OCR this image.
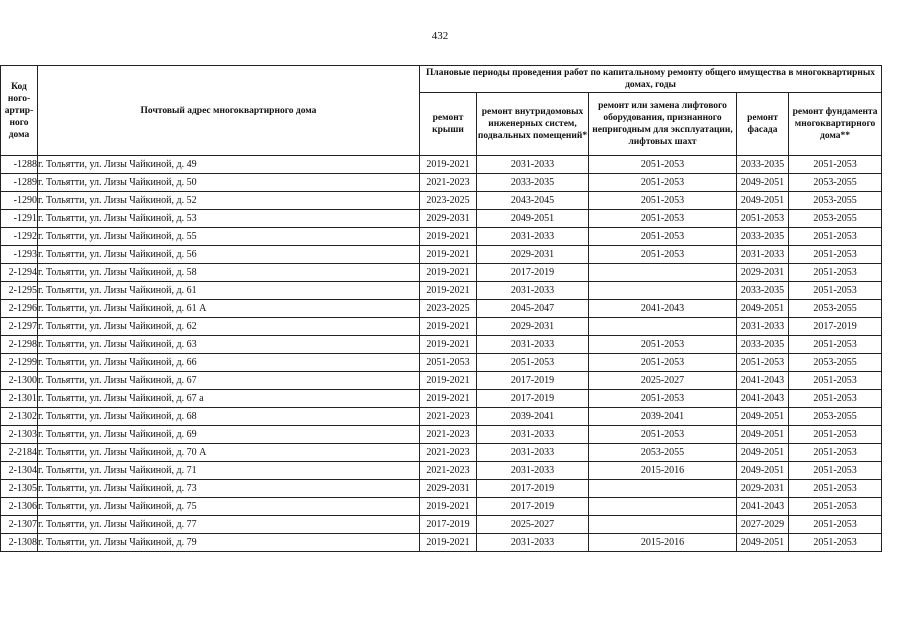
432
Код ного-артир-ного дома	Почтовый адрес многоквартирного дома	Плановые периоды проведения работ по капитальному ремонту общего имущества в многоквартирных домах, годы				
		ремонт крыши	ремонт внутридомовых инженерных систем, подвальных помещений*	ремонт или замена лифтового оборудования, признанного непригодным для эксплуатации, лифтовых шахт	ремонт фасада	ремонт фундамента многоквартирного дома**
-1288	г. Тольятти, ул. Лизы Чайкиной, д. 49	2019-2021	2031-2033	2051-2053	2033-2035	2051-2053
-1289	г. Тольятти, ул. Лизы Чайкиной, д. 50	2021-2023	2033-2035	2051-2053	2049-2051	2053-2055
-1290	г. Тольятти, ул. Лизы Чайкиной, д. 52	2023-2025	2043-2045	2051-2053	2049-2051	2053-2055
-1291	г. Тольятти, ул. Лизы Чайкиной, д. 53	2029-2031	2049-2051	2051-2053	2051-2053	2053-2055
-1292	г. Тольятти, ул. Лизы Чайкиной, д. 55	2019-2021	2031-2033	2051-2053	2033-2035	2051-2053
-1293	г. Тольятти, ул. Лизы Чайкиной, д. 56	2019-2021	2029-2031	2051-2053	2031-2033	2051-2053
2-1294	г. Тольятти, ул. Лизы Чайкиной, д. 58	2019-2021	2017-2019		2029-2031	2051-2053
2-1295	г. Тольятти, ул. Лизы Чайкиной, д. 61	2019-2021	2031-2033		2033-2035	2051-2053
2-1296	г. Тольятти, ул. Лизы Чайкиной, д. 61 А	2023-2025	2045-2047	2041-2043	2049-2051	2053-2055
2-1297	г. Тольятти, ул. Лизы Чайкиной, д. 62	2019-2021	2029-2031		2031-2033	2017-2019
2-1298	г. Тольятти, ул. Лизы Чайкиной, д. 63	2019-2021	2031-2033	2051-2053	2033-2035	2051-2053
2-1299	г. Тольятти, ул. Лизы Чайкиной, д. 66	2051-2053	2051-2053	2051-2053	2051-2053	2053-2055
2-1300	г. Тольятти, ул. Лизы Чайкиной, д. 67	2019-2021	2017-2019	2025-2027	2041-2043	2051-2053
2-1301	г. Тольятти, ул. Лизы Чайкиной, д. 67 а	2019-2021	2017-2019	2051-2053	2041-2043	2051-2053
2-1302	г. Тольятти, ул. Лизы Чайкиной, д. 68	2021-2023	2039-2041	2039-2041	2049-2051	2053-2055
2-1303	г. Тольятти, ул. Лизы Чайкиной, д. 69	2021-2023	2031-2033	2051-2053	2049-2051	2051-2053
2-2184	г. Тольятти, ул. Лизы Чайкиной, д. 70 А	2021-2023	2031-2033	2053-2055	2049-2051	2051-2053
2-1304	г. Тольятти, ул. Лизы Чайкиной, д. 71	2021-2023	2031-2033	2015-2016	2049-2051	2051-2053
2-1305	г. Тольятти, ул. Лизы Чайкиной, д. 73	2029-2031	2017-2019		2029-2031	2051-2053
2-1306	г. Тольятти, ул. Лизы Чайкиной, д. 75	2019-2021	2017-2019		2041-2043	2051-2053
2-1307	г. Тольятти, ул. Лизы Чайкиной, д. 77	2017-2019	2025-2027		2027-2029	2051-2053
2-1308	г. Тольятти, ул. Лизы Чайкиной, д. 79	2019-2021	2031-2033	2015-2016	2049-2051	2051-2053
